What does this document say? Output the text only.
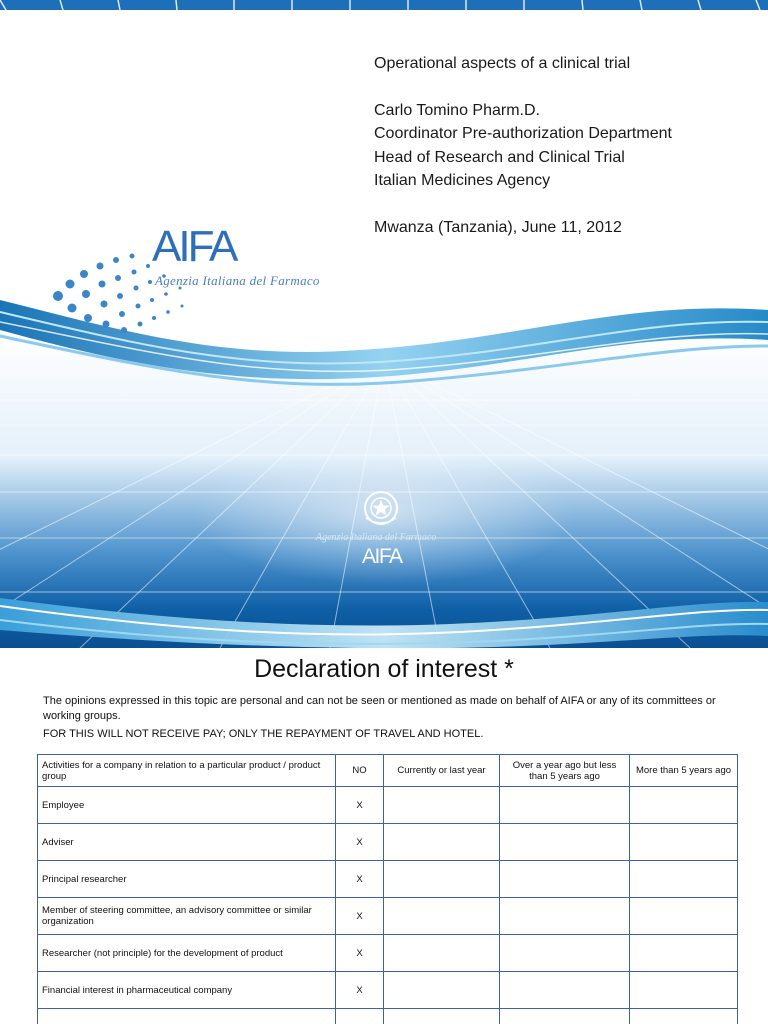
AIFA
Agenzia Italiana del Farmaco
Operational aspects of a clinical trial
Carlo Tomino Pharm.D.
Coordinator Pre-authorization Department
Head of Research and Clinical Trial
Italian Medicines Agency
Mwanza (Tanzania), June 11, 2012
Agenzia Italiana del Farmaco
AIFA
Declaration of interest *
The opinions expressed in this topic are personal and can not be seen or mentioned as made on behalf of AIFA or any of its committees or working groups.
FOR THIS WILL NOT RECEIVE PAY; ONLY THE REPAYMENT OF TRAVEL AND HOTEL.
Activities for a company in relation to a particular product / product group	NO	Currently or last year	Over a year ago but less than 5 years ago	More than 5 years ago
Employee	X			
Adviser	X			
Principal researcher	X			
Member of steering committee, an advisory committee or similar organization	X			
Researcher (not principle) for the development of product	X			
Financial interest in pharmaceutical company	X			
